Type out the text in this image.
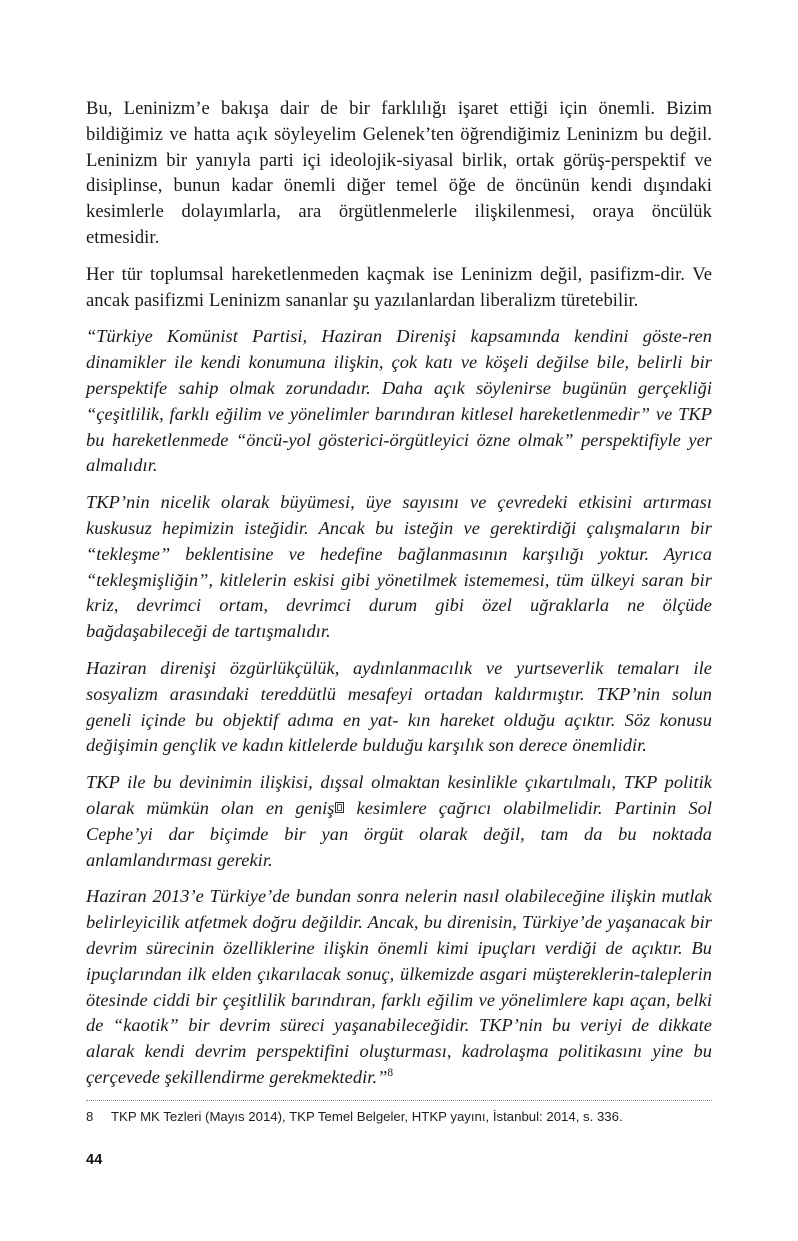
Bu, Leninizm’e bakışa dair de bir farklılığı işaret ettiği için önemli. Bizim bildiğimiz ve hatta açık söyleyelim Gelenek’ten öğrendiğimiz Leninizm bu değil. Leninizm bir yanıyla parti içi ideolojik-siyasal birlik, ortak görüş-perspektif ve disiplinse, bunun kadar önemli diğer temel öğe de öncünün kendi dışındaki kesimlerle dolayımlarla, ara örgütlenmelerle ilişkilenmesi, oraya öncülük etmesidir.

Her tür toplumsal hareketlenmeden kaçmak ise Leninizm değil, pasifizm-dir. Ve ancak pasifizmi Leninizm sananlar şu yazılanlardan liberalizm türetebilir.

“Türkiye Komünist Partisi, Haziran Direnişi kapsamında kendini göste-ren dinamikler ile kendi konumuna ilişkin, çok katı ve köşeli değilse bile, belirli bir perspektife sahip olmak zorundadır. Daha açık söylenirse bugünün gerçekliği “çeşitlilik, farklı eğilim ve yönelimler barındıran kitlesel hareketlenmedir” ve TKP bu hareketlenmede “öncü-yol gösterici-örgütleyici özne olmak” perspektifiyle yer almalıdır.

TKP’nin nicelik olarak büyümesi, üye sayısını ve çevredeki etkisini artırması kuskusuz hepimizin isteğidir. Ancak bu isteğin ve gerektirdiği çalışmaların bir “tekleşme” beklentisine ve hedefine bağlanmasının karşılığı yoktur. Ayrıca “tekleşmişliğin”, kitlelerin eskisi gibi yönetilmek istememesi, tüm ülkeyi saran bir kriz, devrimci ortam, devrimci durum gibi özel uğraklarla ne ölçüde bağdaşabileceği de tartışmalıdır.

Haziran direnişi özgürlükçülük, aydınlanmacılık ve yurtseverlik temaları ile sosyalizm arasındaki tereddütlü mesafeyi ortadan kaldırmıştır. TKP’nin solun geneli içinde bu objektif adıma en yat- kın hareket olduğu açıktır. Söz konusu değişimin gençlik ve kadın kitlelerde bulduğu karşılık son derece önemlidir.

TKP ile bu devinimin ilişkisi, dışsal olmaktan kesinlikle çıkartılmalı, TKP politik olarak mümkün olan en geniş kesimlere çağrıcı olabilmelidir. Partinin Sol Cephe’yi dar biçimde bir yan örgüt olarak değil, tam da bu noktada anlamlandırması gerekir.

Haziran 2013’e Türkiye’de bundan sonra nelerin nasıl olabileceğine ilişkin mutlak belirleyicilik atfetmek doğru değildir. Ancak, bu direnisin, Türkiye’de yaşanacak bir devrim sürecinin özelliklerine ilişkin önemli kimi ipuçları verdiği de açıktır. Bu ipuçlarından ilk elden çıkarılacak sonuç, ülkemizde asgari müştereklerin-taleplerin ötesinde ciddi bir çeşitlilik barındıran, farklı eğilim ve yönelimlere kapı açan, belki de “kaotik” bir devrim süreci yaşanabileceğidir. TKP’nin bu veriyi de dikkate alarak kendi devrim perspektifini oluşturması, kadrolaşma politikasını yine bu çerçevede şekillendirme gerekmektedir.”$^8$

8	TKP MK Tezleri (Mayıs 2014), TKP Temel Belgeler, HTKP yayını, İstanbul: 2014, s. 336.
44
